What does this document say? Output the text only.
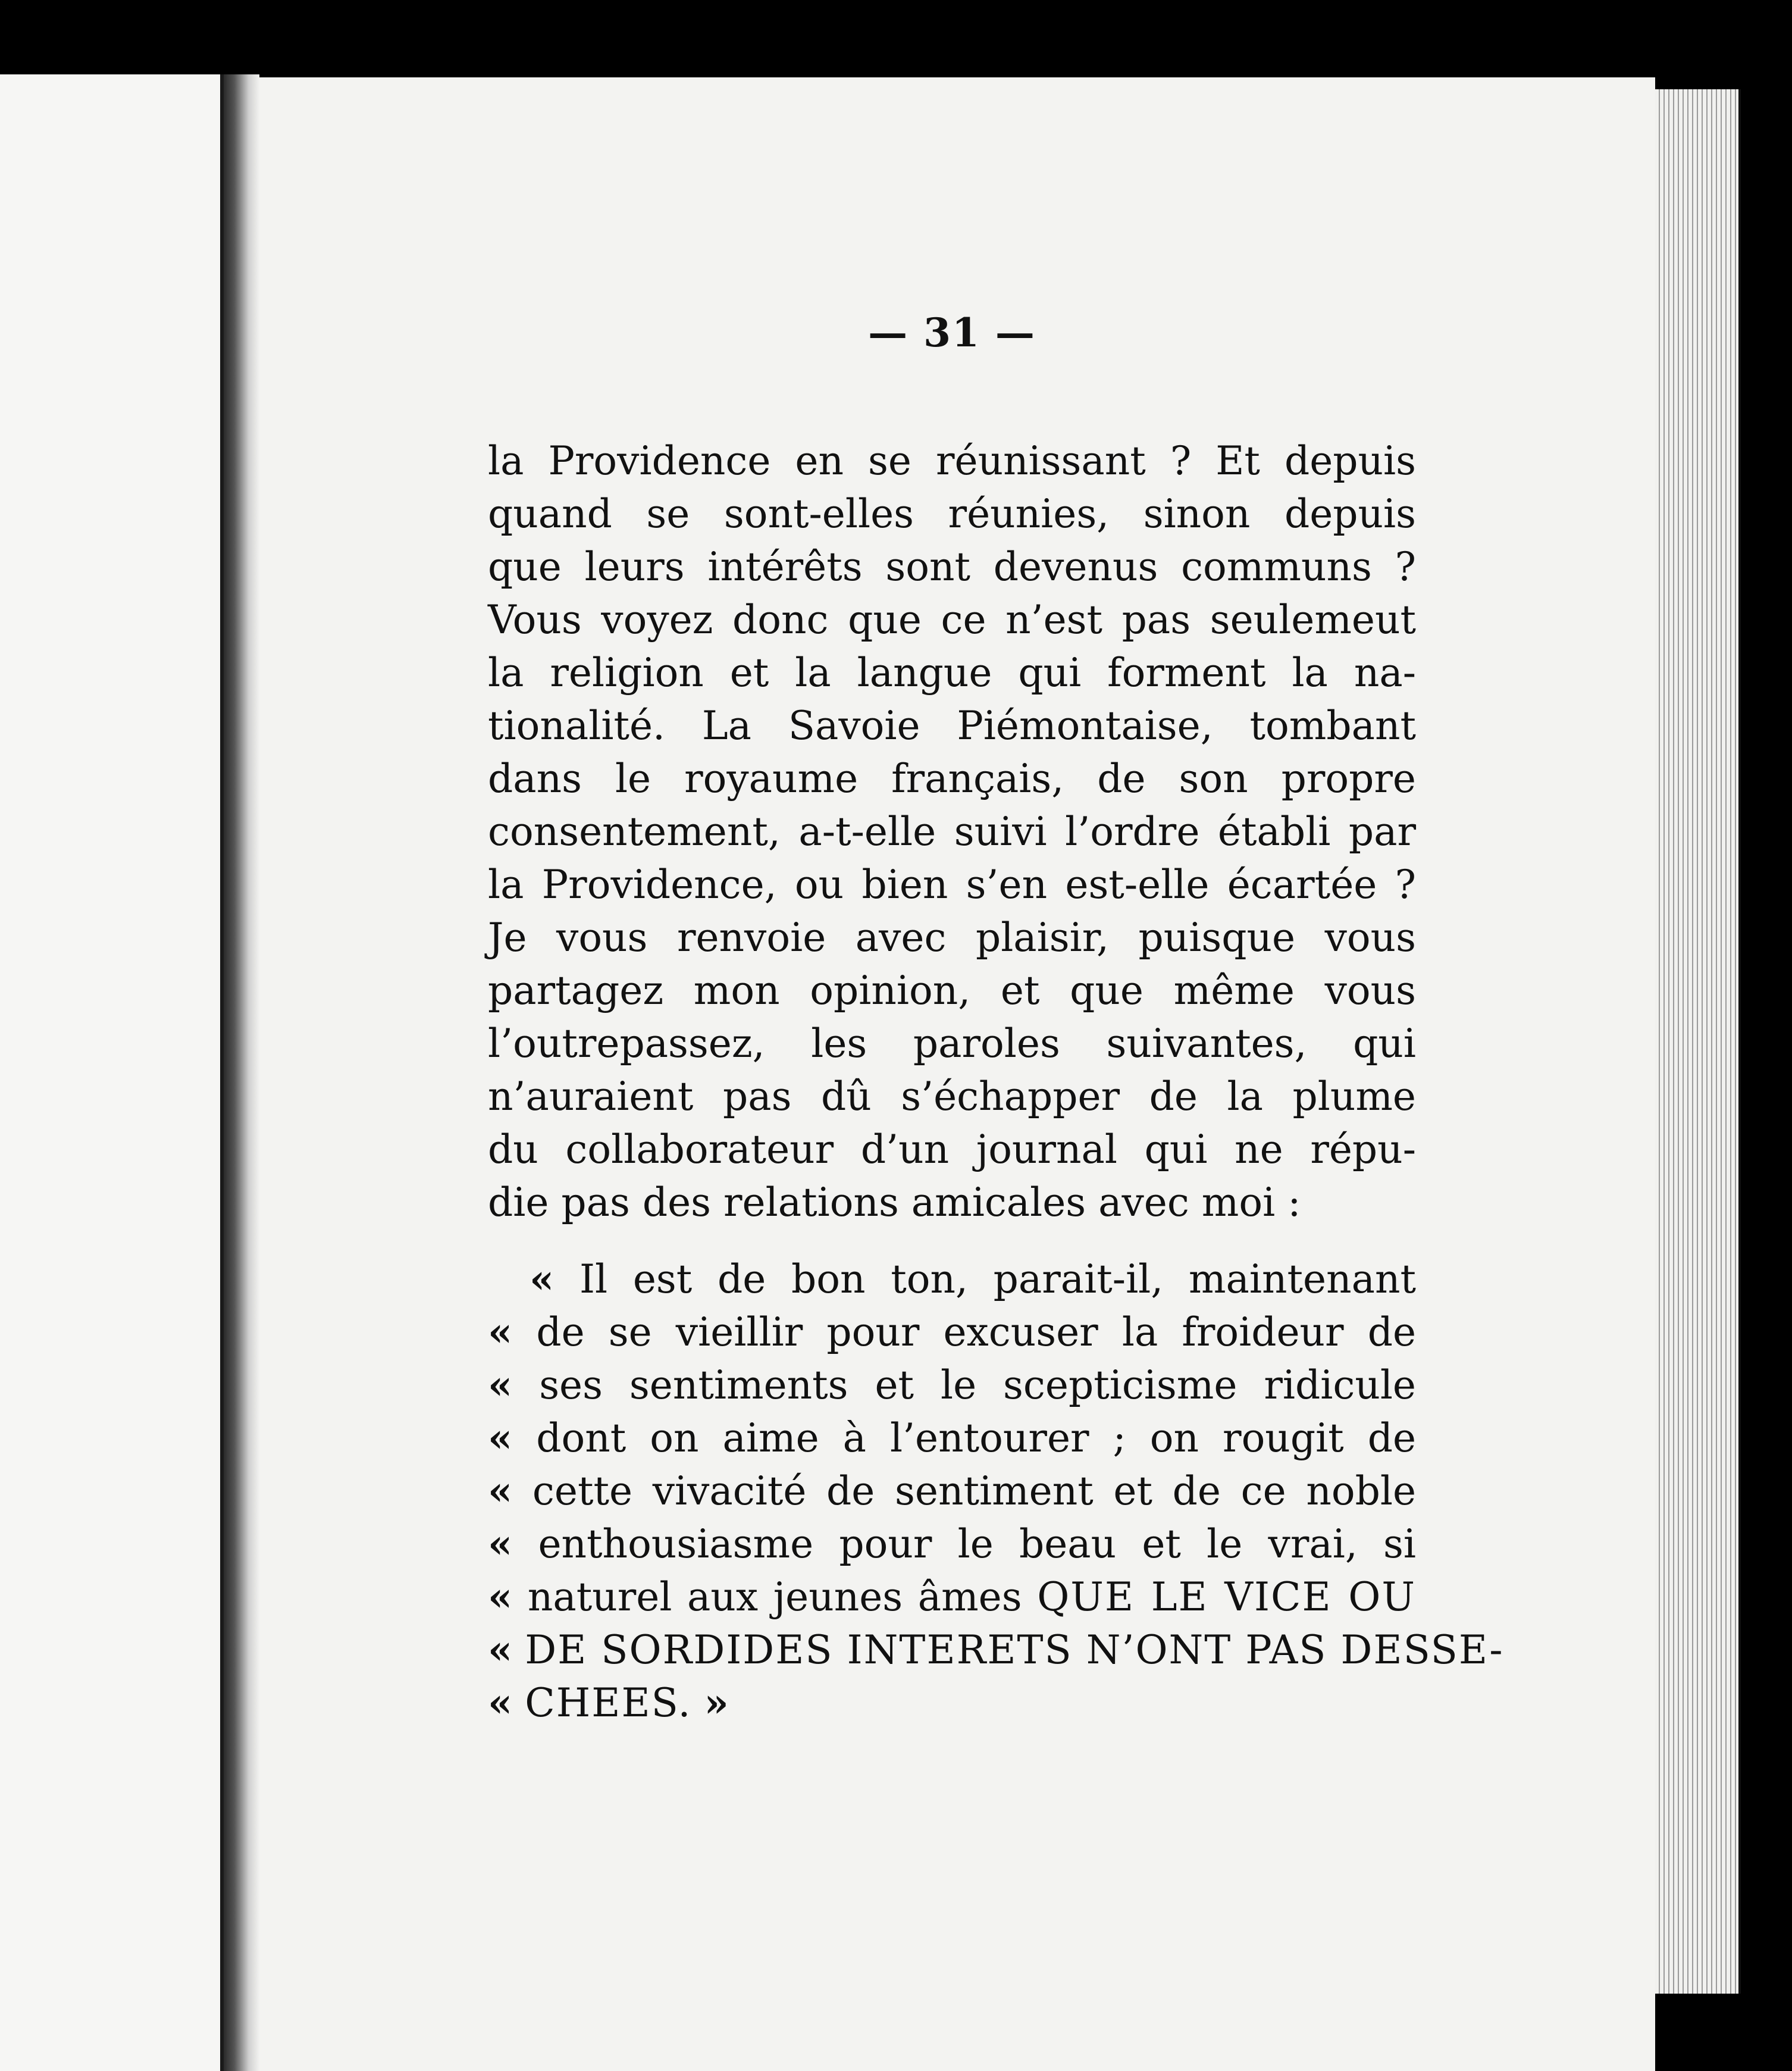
— 31 —
la Providence en se réunissant ? Et depuis
quand se sont-elles réunies, sinon depuis
que leurs intérêts sont devenus communs ?
Vous voyez donc que ce n’est pas seulemeut
la religion et la langue qui forment la na-
tionalité. La Savoie Piémontaise, tombant
dans le royaume français, de son propre
consentement, a-t-elle suivi l’ordre établi par
la Providence, ou bien s’en est-elle écartée ?
Je vous renvoie avec plaisir, puisque vous
partagez mon opinion, et que même vous
l’outrepassez, les paroles suivantes, qui
n’auraient pas dû s’échapper de la plume
du collaborateur d’un journal qui ne répu-
die pas des relations amicales avec moi :
« Il est de bon ton, parait-il, maintenant
« de se vieillir pour excuser la froideur de
« ses sentiments et le scepticisme ridicule
« dont on aime à l’entourer ; on rougit de
« cette vivacité de sentiment et de ce noble
« enthousiasme pour le beau et le vrai, si
« naturel aux jeunes âmes QUE LE VICE OU
« DE SORDIDES INTERETS N’ONT PAS DESSE-
« CHEES. »
